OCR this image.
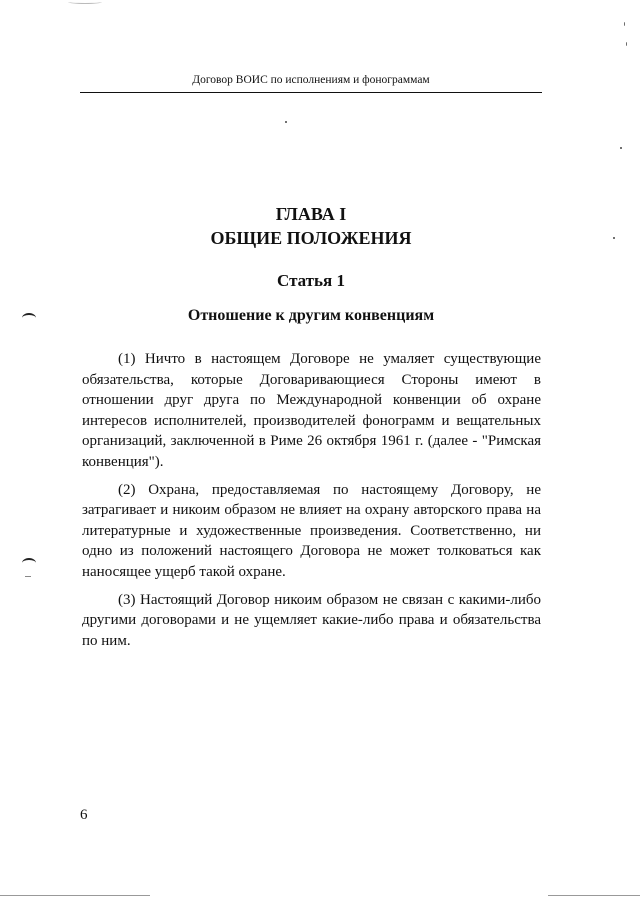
Договор ВОИС по исполнениям и фонограммам
ГЛАВА I
ОБЩИЕ ПОЛОЖЕНИЯ
Статья 1
Отношение к другим конвенциям

(1) Ничто в настоящем Договоре не умаляет существующие обязательства, которые Договаривающиеся Стороны имеют в отношении друг друга по Международной конвенции об охране интересов исполнителей, производителей фонограмм и вещательных организаций, заключенной в Риме 26 октября 1961 г. (далее - "Римская конвенция").

(2) Охрана, предоставляемая по настоящему Договору, не затрагивает и никоим образом не влияет на охрану авторского права на литературные и художественные произведения. Соответственно, ни одно из положений настоящего Договора не может толковаться как наносящее ущерб такой охране.

(3) Настоящий Договор никоим образом не связан с какими-либо другими договорами и не ущемляет какие-либо права и обязательства по ним.

6
